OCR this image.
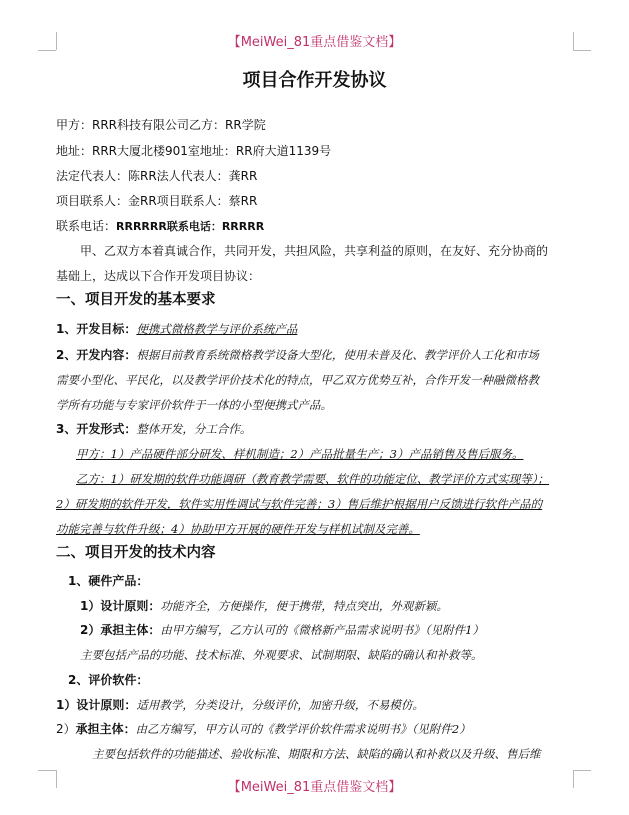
【MeiWei_81重点借鉴文档】
【MeiWei_81重点借鉴文档】
项目合作开发协议
甲方：RRR科技有限公司乙方：RR学院
地址：RRR大厦北楼901室地址：RR府大道1139号
法定代表人：陈RR法人代表人：龚RR
项目联系人：金RR项目联系人：蔡RR
联系电话：RRRRRR联系电话：RRRRR
甲、乙双方本着真诚合作，共同开发，共担风险，共享利益的原则，在友好、充分协商的
基础上，达成以下合作开发项目协议：
一、项目开发的基本要求
1、开发目标：便携式微格教学与评价系统产品
2、开发内容：根据目前教育系统微格教学设备大型化，使用未普及化、教学评价人工化和市场
需要小型化、平民化，以及教学评价技术化的特点，甲乙双方优势互补，合作开发一种融微格教
学所有功能与专家评价软件于一体的小型便携式产品。
3、开发形式：整体开发，分工合作。
甲方：1）产品硬件部分研发、样机制造；2）产品批量生产；3）产品销售及售后服务。
乙方：1）研发期的软件功能调研（教育教学需要、软件的功能定位、教学评价方式实现等）；
2）研发期的软件开发，软件实用性调试与软件完善；3）售后维护根据用户反馈进行软件产品的
功能完善与软件升级；4）协助甲方开展的硬件开发与样机试制及完善。
二、项目开发的技术内容
1、硬件产品：
1）设计原则：功能齐全，方便操作，便于携带，特点突出，外观新颖。
2）承担主体：由甲方编写，乙方认可的《微格新产品需求说明书》（见附件1）
主要包括产品的功能、技术标准、外观要求、试制期限、缺陷的确认和补救等。
2、评价软件：
1）设计原则：适用教学，分类设计，分级评价，加密升级，不易模仿。
2）承担主体：由乙方编写，甲方认可的《教学评价软件需求说明书》（见附件2）
主要包括软件的功能描述、验收标准、期限和方法、缺陷的确认和补救以及升级、售后维
